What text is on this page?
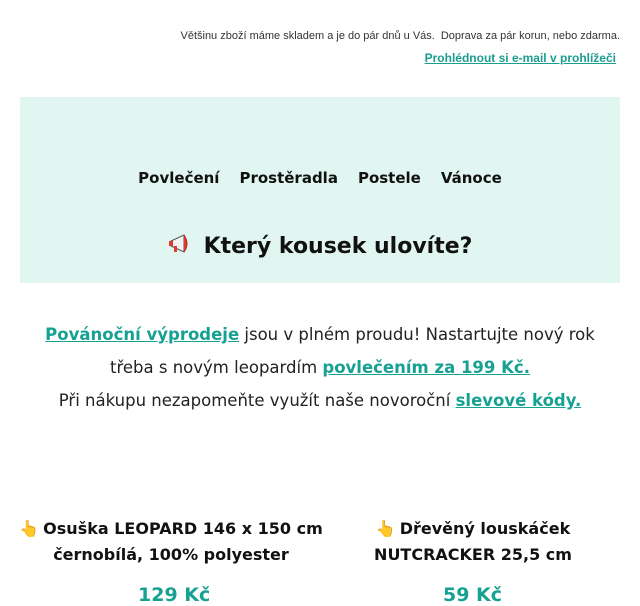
Většinu zboží máme skladem a je do pár dnů u Vás. Doprava za pár korun, nebo zdarma.
Prohlédnout si e-mail v prohlížeči
Povlečení Prostěradla Postele Vánoce
Který kousek ulovíte?
Povánoční výprodeje jsou v plném proudu! Nastartujte nový rok třeba s novým leopardím povlečením za 199 Kč.
Při nákupu nezapomeňte využít naše novoroční slevové kódy.
👆 Osuška LEOPARD 146 x 150 cm černobílá, 100% polyester
👆 Dřevěný louskáček NUTCRACKER 25,5 cm
129 Kč	59 Kč
